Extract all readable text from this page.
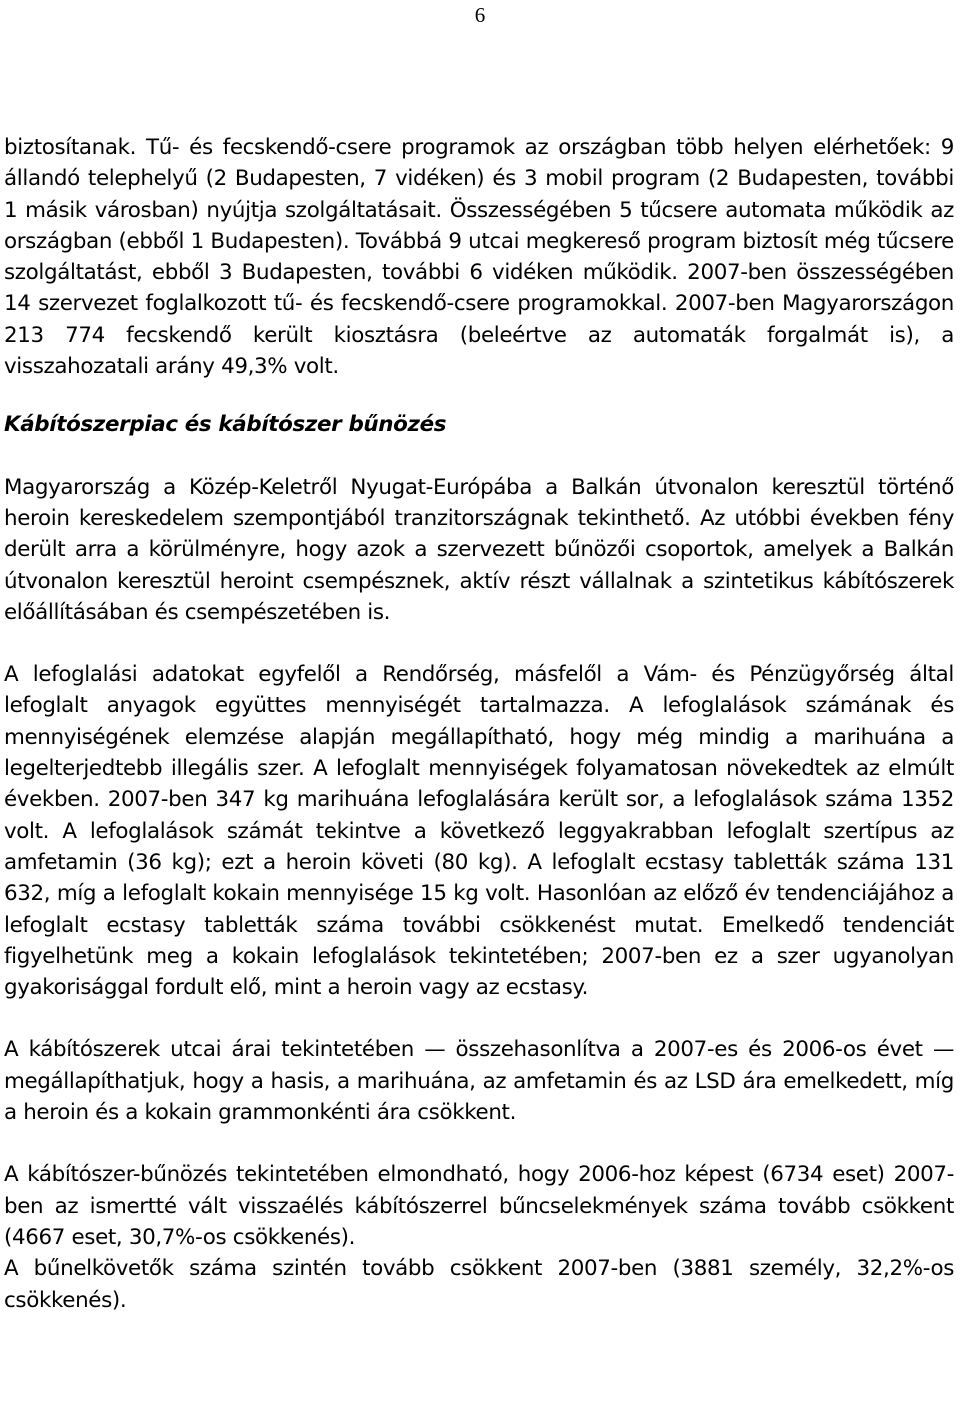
6

biztosítanak. Tű- és fecskendő-csere programok az országban több helyen elérhetőek: 9 állandó telephelyű (2 Budapesten, 7 vidéken) és 3 mobil program (2 Budapesten, további 1 másik városban) nyújtja szolgáltatásait. Összességében 5 tűcsere automata működik az országban (ebből 1 Budapesten). Továbbá 9 utcai megkereső program biztosít még tűcsere szolgáltatást, ebből 3 Budapesten, további 6 vidéken működik. 2007-ben összességében 14 szervezet foglalkozott tű- és fecskendő-csere programokkal. 2007-ben Magyarországon 213 774 fecskendő került kiosztásra (beleértve az automaták forgalmát is), a visszahozatali arány 49,3% volt.

Kábítószerpiac és kábítószer bűnözés

Magyarország a Közép-Keletről Nyugat-Európába a Balkán útvonalon keresztül történő heroin kereskedelem szempontjából tranzitországnak tekinthető. Az utóbbi években fény derült arra a körülményre, hogy azok a szervezett bűnözői csoportok, amelyek a Balkán útvonalon keresztül heroint csempésznek, aktív részt vállalnak a szintetikus kábítószerek előállításában és csempészetében is.

A lefoglalási adatokat egyfelől a Rendőrség, másfelől a Vám- és Pénzügyőrség által lefoglalt anyagok együttes mennyiségét tartalmazza. A lefoglalások számának és mennyiségének elemzése alapján megállapítható, hogy még mindig a marihuána a legelterjedtebb illegális szer. A lefoglalt mennyiségek folyamatosan növekedtek az elmúlt években. 2007-ben 347 kg marihuána lefoglalására került sor, a lefoglalások száma 1352 volt. A lefoglalások számát tekintve a következő leggyakrabban lefoglalt szertípus az amfetamin (36 kg); ezt a heroin követi (80 kg). A lefoglalt ecstasy tabletták száma 131 632, míg a lefoglalt kokain mennyisége 15 kg volt. Hasonlóan az előző év tendenciájához a lefoglalt ecstasy tabletták száma további csökkenést mutat. Emelkedő tendenciát figyelhetünk meg a kokain lefoglalások tekintetében; 2007-ben ez a szer ugyanolyan gyakorisággal fordult elő, mint a heroin vagy az ecstasy.

A kábítószerek utcai árai tekintetében — összehasonlítva a 2007-es és 2006-os évet — megállapíthatjuk, hogy a hasis, a marihuána, az amfetamin és az LSD ára emelkedett, míg a heroin és a kokain grammonkénti ára csökkent.

A kábítószer-bűnözés tekintetében elmondható, hogy 2006-hoz képest (6734 eset) 2007-ben az ismertté vált visszaélés kábítószerrel bűncselekmények száma tovább csökkent (4667 eset, 30,7%-os csökkenés).

A bűnelkövetők száma szintén tovább csökkent 2007-ben (3881 személy, 32,2%-os csökkenés).
